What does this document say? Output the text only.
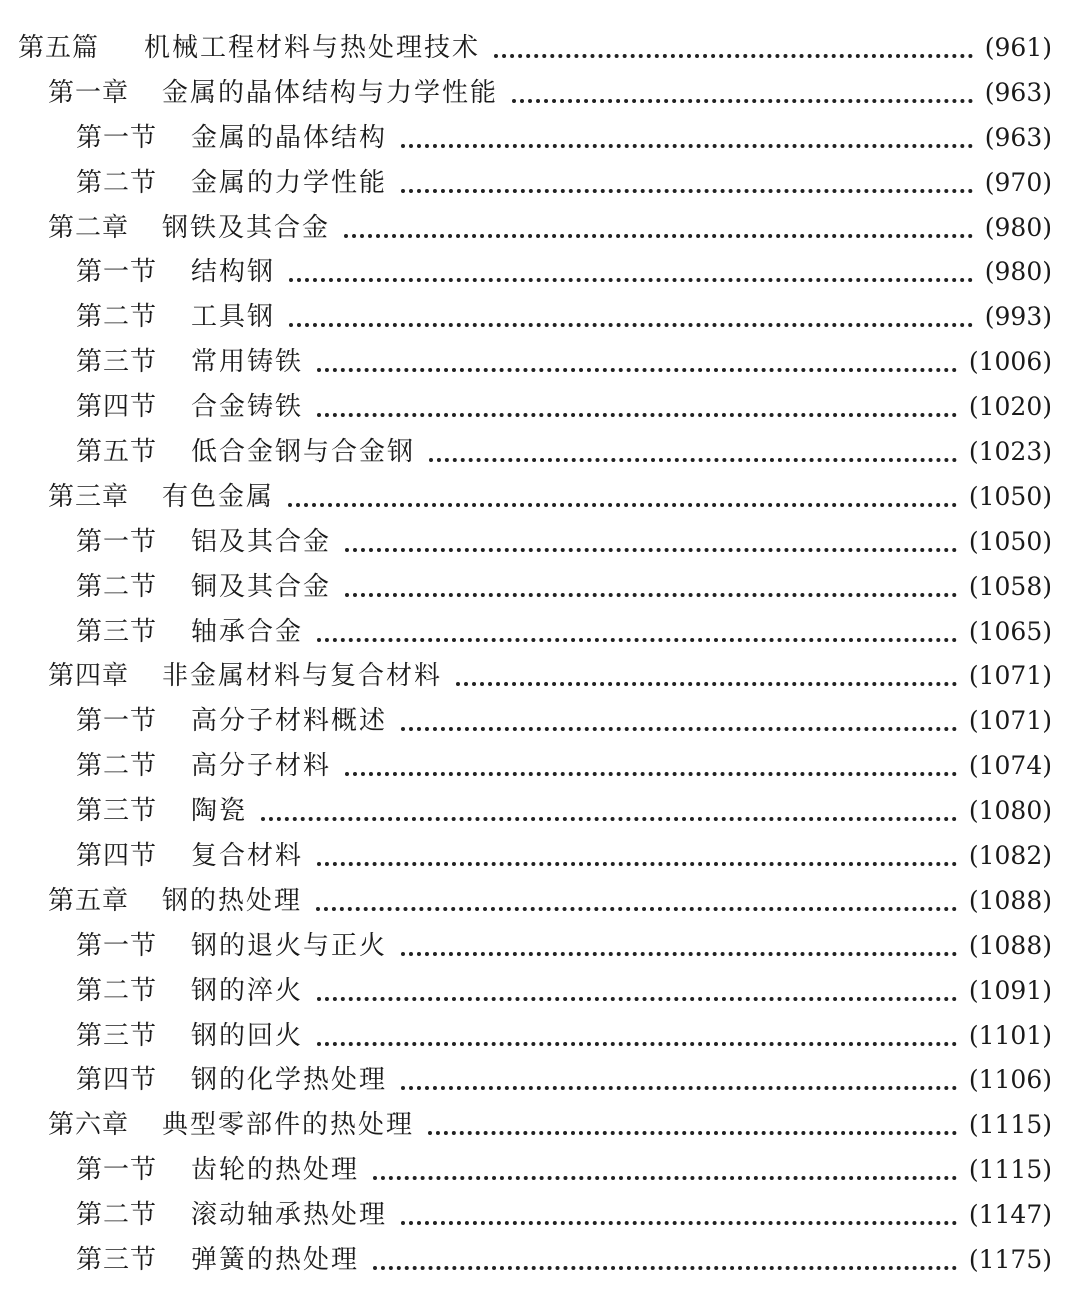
第五篇 机械工程材料与热处理技术	(961)
第一章 金属的晶体结构与力学性能	(963)
第一节 金属的晶体结构	(963)
第二节 金属的力学性能	(970)
第二章 钢铁及其合金	(980)
第一节 结构钢	(980)
第二节 工具钢	(993)
第三节 常用铸铁	(1006)
第四节 合金铸铁	(1020)
第五节 低合金钢与合金钢	(1023)
第三章 有色金属	(1050)
第一节 铝及其合金	(1050)
第二节 铜及其合金	(1058)
第三节 轴承合金	(1065)
第四章 非金属材料与复合材料	(1071)
第一节 高分子材料概述	(1071)
第二节 高分子材料	(1074)
第三节 陶瓷	(1080)
第四节 复合材料	(1082)
第五章 钢的热处理	(1088)
第一节 钢的退火与正火	(1088)
第二节 钢的淬火	(1091)
第三节 钢的回火	(1101)
第四节 钢的化学热处理	(1106)
第六章 典型零部件的热处理	(1115)
第一节 齿轮的热处理	(1115)
第二节 滚动轴承热处理	(1147)
第三节 弹簧的热处理	(1175)
